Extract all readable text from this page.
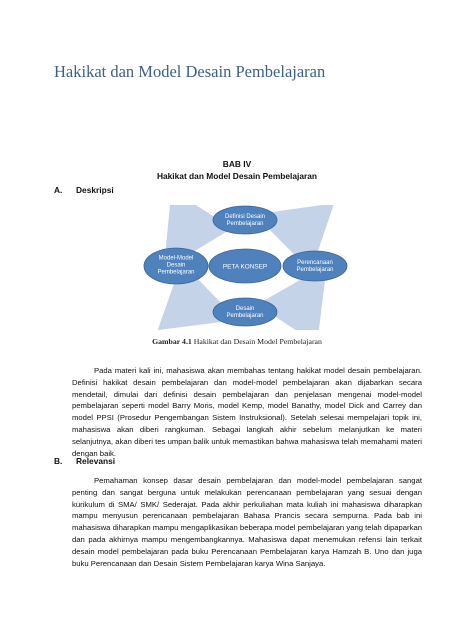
Hakikat dan Model Desain Pembelajaran
BAB IV
Hakikat dan Model Desain Pembelajaran
A. Deskripsi
PETA KONSEP
Definisi Desain
Pembelajaran
Model-Model
Desain
Pembelajaran
Perencanaan
Pembelajaran
Desain
Pembelajaran
Gambar 4.1 Hakikat dan Desain Model Pembelajaran

Pada materi kali ini, mahasiswa akan membahas tentang hakikat model desain pembelajaran. Definisi hakikat desain pembelajaran dan model-model pembelajaran akan dijabarkan secara mendetail, dimulai dari definisi desain pembelajaran dan penjelasan mengenai model-model pembelajaran seperti model Barry Moris, model Kemp, model Banathy, model Dick and Carrey dan model PPSI (Prosedur Pengembangan Sistem Instruksional). Setelah selesai mempelajari topik ini, mahasiswa akan diberi rangkuman. Sebagai langkah akhir sebelum melanjutkan ke materi selanjutnya, akan diberi tes umpan balik untuk memastikan bahwa mahasiswa telah memahami materi dengan baik.

B. Relevansi

Pemahaman konsep dasar desain pembelajaran dan model-model pembelajaran sangat penting dan sangat berguna untuk melakukan perencanaan pembelajaran yang sesuai dengan kurikulum di SMA/ SMK/ Sederajat. Pada akhir perkuliahan mata kuliah ini mahasiswa diharapkan mampu menyusun perencanaan pembelajaran Bahasa Prancis secara sempurna. Pada bab ini mahasiswa diharapkan mampu mengaplikasikan beberapa model pembelajaran yang telah dipaparkan dan pada akhirnya mampu mengembangkannya. Mahasiswa dapat menemukan refensi lain terkait desain model pembelajaran pada buku Perencanaan Pembelajaran karya Hamzah B. Uno dan juga buku Perencanaan dan Desain Sistem Pembelajaran karya Wina Sanjaya.
